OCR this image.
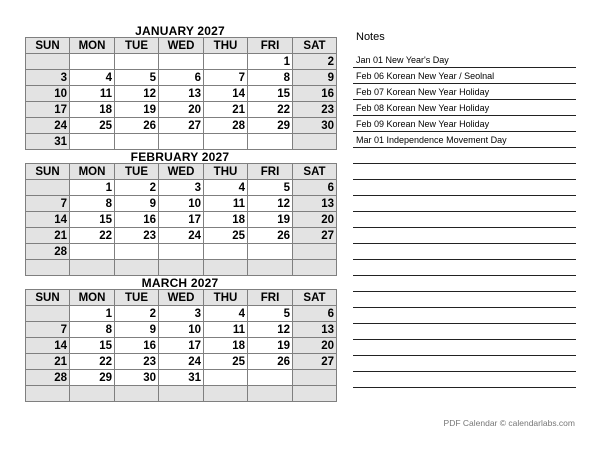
JANUARY 2027
SUN	MON	TUE	WED	THU	FRI	SAT
					1	2
3	4	5	6	7	8	9
10	11	12	13	14	15	16
17	18	19	20	21	22	23
24	25	26	27	28	29	30
31						
FEBRUARY 2027
SUN	MON	TUE	WED	THU	FRI	SAT
	1	2	3	4	5	6
7	8	9	10	11	12	13
14	15	16	17	18	19	20
21	22	23	24	25	26	27
28						

MARCH 2027
SUN	MON	TUE	WED	THU	FRI	SAT
	1	2	3	4	5	6
7	8	9	10	11	12	13
14	15	16	17	18	19	20
21	22	23	24	25	26	27
28	29	30	31			

Notes
Jan 01 New Year's Day
Feb 06 Korean New Year / Seolnal
Feb 07 Korean New Year Holiday
Feb 08 Korean New Year Holiday
Feb 09 Korean New Year Holiday
Mar 01 Independence Movement Day
PDF Calendar © calendarlabs.com
